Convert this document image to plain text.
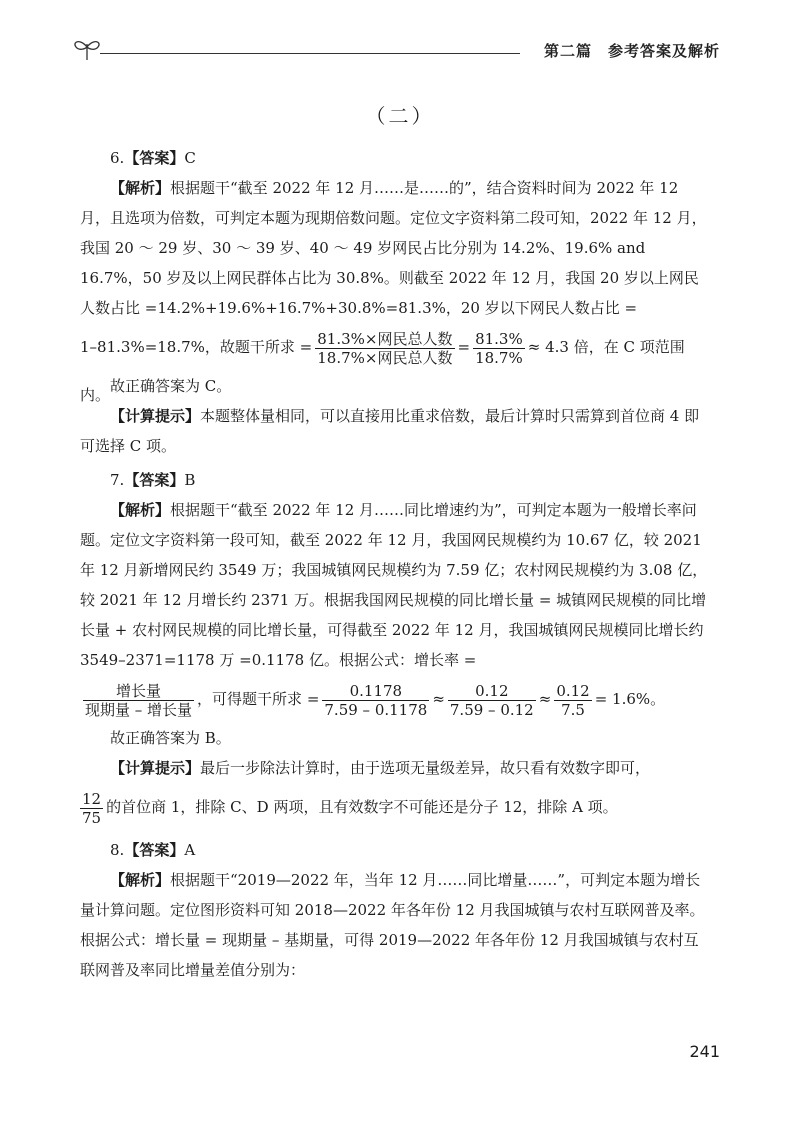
第二篇　参考答案及解析
（二）

6.【答案】C

【解析】根据题干“截至 2022 年 12 月……是……的”，结合资料时间为 2022 年 12 月，且选项为倍数，可判定本题为现期倍数问题。定位文字资料第二段可知，2022 年 12 月，我国 20 ～ 29 岁、30 ～ 39 岁、40 ～ 49 岁网民占比分别为 14.2%、19.6% and 16.7%，50 岁及以上网民群体占比为 30.8%。则截至 2022 年 12 月，我国 20 岁以上网民人数占比 =14.2%+19.6%+16.7%+30.8%=81.3%，20 岁以下网民人数占比 =

1–81.3%=18.7%，故题干所求 = $\frac{\text{81.3\%×网民总人数}}{\text{18.7\%×网民总人数}} = \frac{81.3\%}{18.7\%} \approx 4.3$ 倍，在 C 项范围内。 故正确答案为 C。

【计算提示】本题整体量相同，可以直接用比重求倍数，最后计算时只需算到首位商 4 即可选择 C 项。

7.【答案】B

【解析】根据题干“截至 2022 年 12 月……同比增速约为”，可判定本题为一般增长率问题。定位文字资料第一段可知，截至 2022 年 12 月，我国网民规模约为 10.67 亿，较 2021 年 12 月新增网民约 3549 万；我国城镇网民规模约为 7.59 亿；农村网民规模约为 3.08 亿，较 2021 年 12 月增长约 2371 万。根据我国网民规模的同比增长量 = 城镇网民规模的同比增长量 + 农村网民规模的同比增长量，可得截至 2022 年 12 月，我国城镇网民规模同比增长约 3549–2371=1178 万 =0.1178 亿。根据公式：增长率 =

$\frac{\text{增长量}}{\text{现期量 – 增长量}}$ ，可得题干所求 = $\frac{0.1178}{7.59 - 0.1178} \approx \frac{0.12}{7.59 - 0.12} \approx \frac{0.12}{7.5} = 1.6\%$。

故正确答案为 B。

【计算提示】最后一步除法计算时，由于选项无量级差异，故只看有效数字即可，

$\frac{12}{75}$ 的首位商 1，排除 C、D 两项，且有效数字不可能还是分子 12，排除 A 项。

8.【答案】A

【解析】根据题干“2019—2022 年，当年 12 月……同比增量……”，可判定本题为增长量计算问题。定位图形资料可知 2018—2022 年各年份 12 月我国城镇与农村互联网普及率。根据公式：增长量 = 现期量 – 基期量，可得 2019—2022 年各年份 12 月我国城镇与农村互联网普及率同比增量差值分别为：

241
